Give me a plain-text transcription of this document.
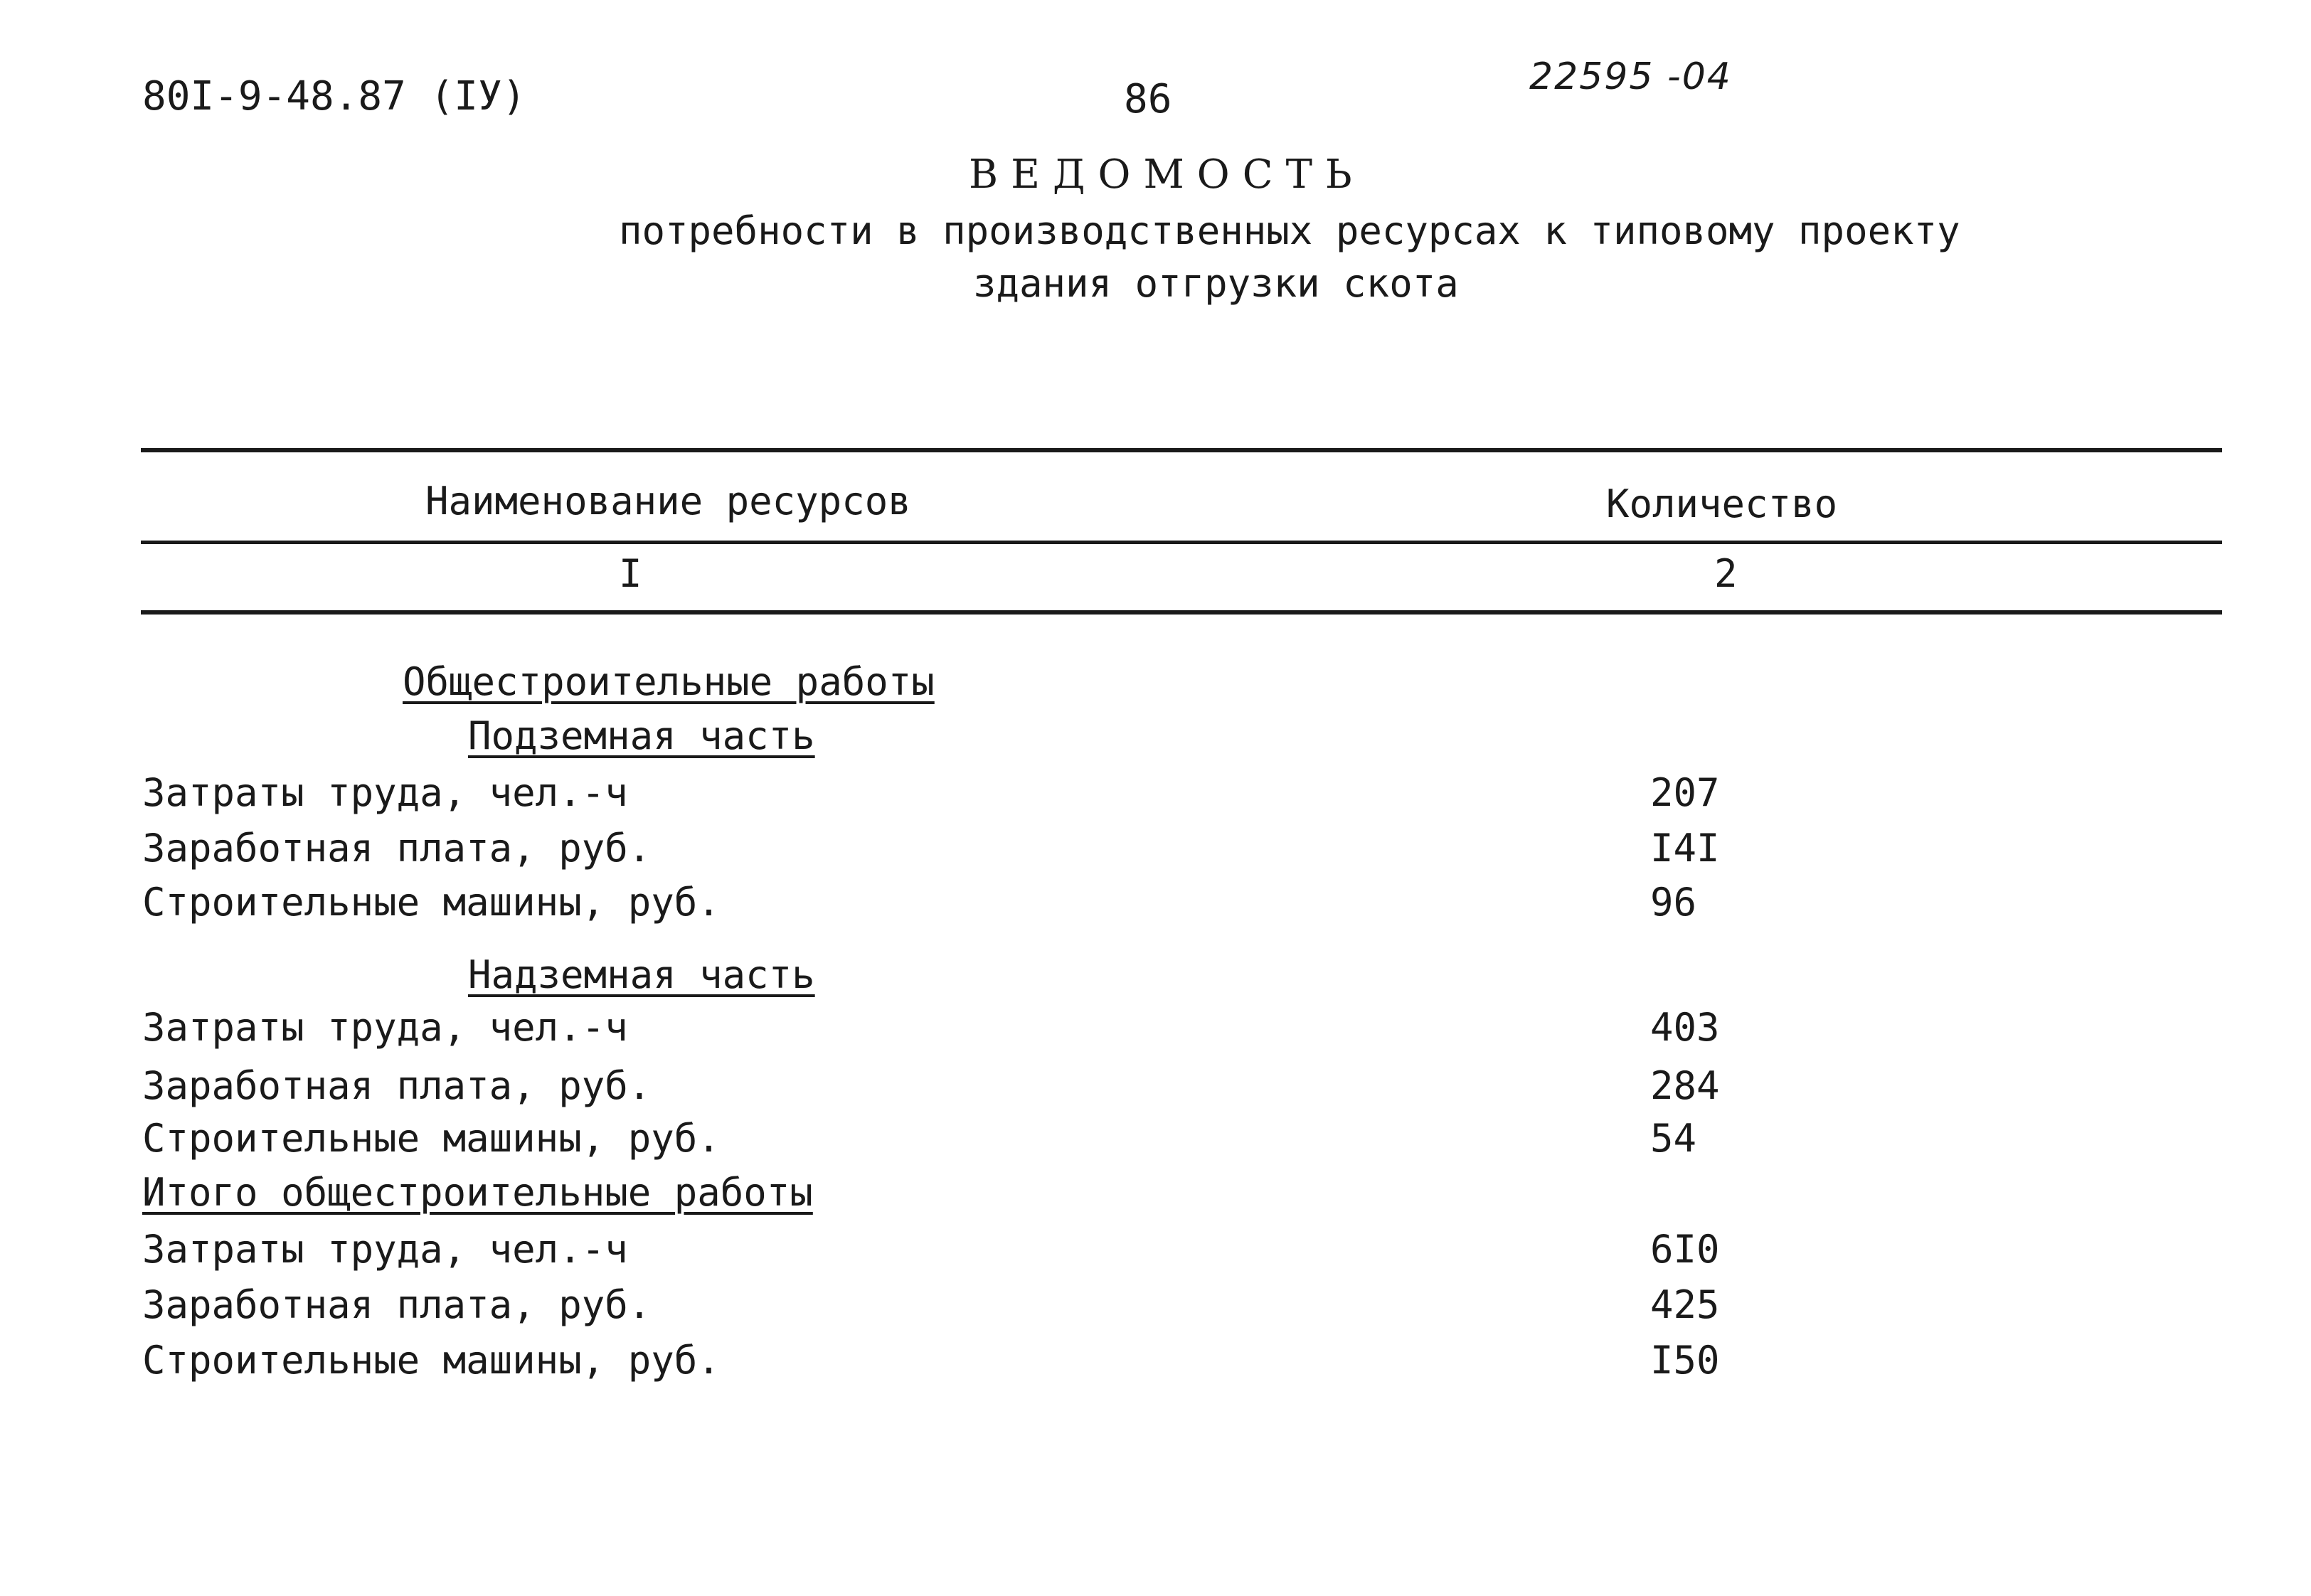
80I-9-48.87 (IУ)	86	22595 -04
ВЕДОМОСТЬ
потребности в производственных ресурсах к типовому проекту
здания отгрузки скота
Наименование ресурсов	Количество
I	2
Общестроительные работы
Подземная часть
Затраты труда, чел.-ч	207
Заработная плата, руб.	I4I
Строительные машины, руб.	96
Надземная часть
Затраты труда, чел.-ч	403
Заработная плата, руб.	284
Строительные машины, руб.	54
Итого общестроительные работы
Затраты труда, чел.-ч	6I0
Заработная плата, руб.	425
Строительные машины, руб.	I50
